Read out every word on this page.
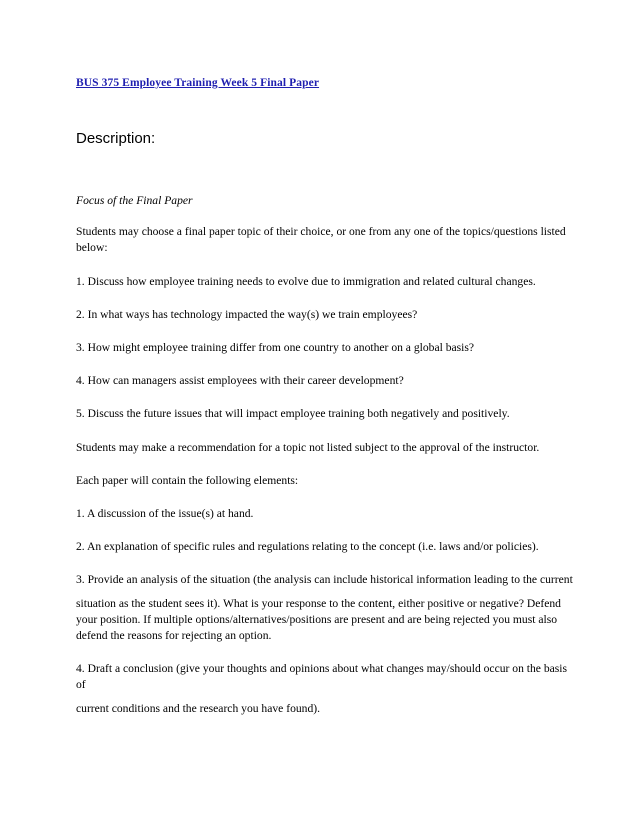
BUS 375 Employee Training Week 5 Final Paper
Description:

Focus of the Final Paper

Students may choose a final paper topic of their choice, or one from any one of the topics/questions listed below:

1. Discuss how employee training needs to evolve due to immigration and related cultural changes.

2. In what ways has technology impacted the way(s) we train employees?

3. How might employee training differ from one country to another on a global basis?

4. How can managers assist employees with their career development?

5. Discuss the future issues that will impact employee training both negatively and positively.

Students may make a recommendation for a topic not listed subject to the approval of the instructor.

Each paper will contain the following elements:

1. A discussion of the issue(s) at hand.

2. An explanation of specific rules and regulations relating to the concept (i.e. laws and/or policies).

3. Provide an analysis of the situation (the analysis can include historical information leading to the current

situation as the student sees it). What is your response to the content, either positive or negative? Defend your position. If multiple options/alternatives/positions are present and are being rejected you must also defend the reasons for rejecting an option.

4. Draft a conclusion (give your thoughts and opinions about what changes may/should occur on the basis of

current conditions and the research you have found).
